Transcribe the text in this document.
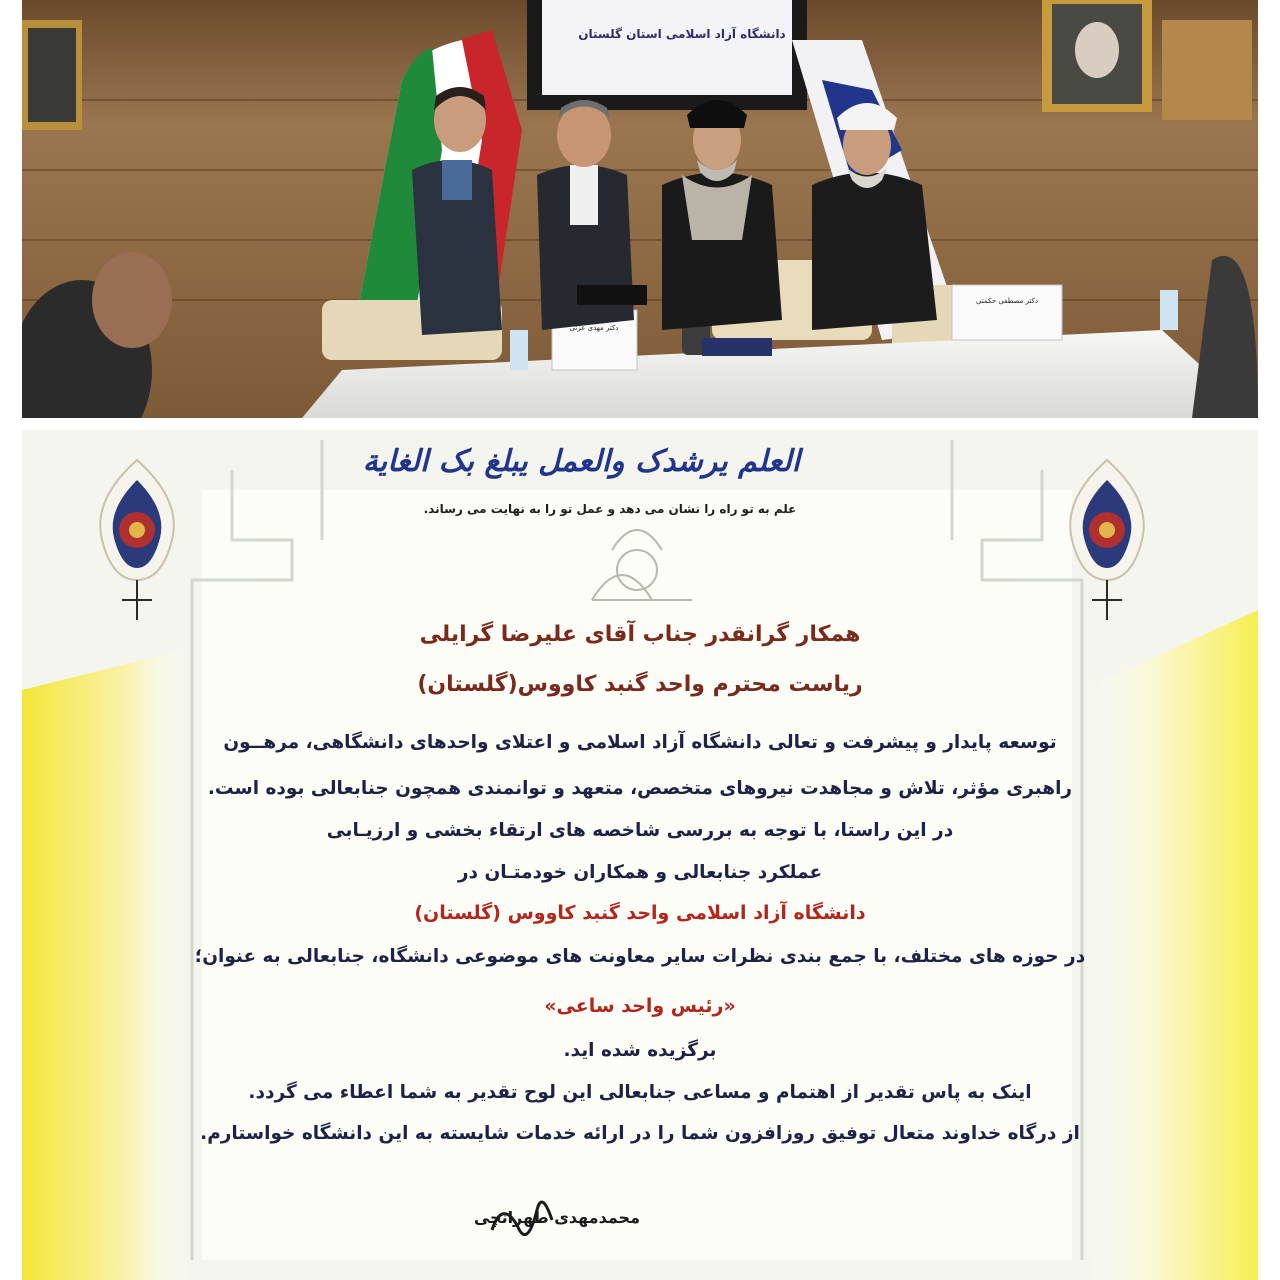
دانشگاه آزاد اسلامی استان گلستان
دکتر مهدی عزتی
دکتر مصطفی حکمتی
العلم یرشدک والعمل یبلغ بک الغایة
علم به تو راه را نشان می دهد و عمل تو را به نهایت می رساند.
همکار گرانقدر جناب آقای علیرضا گرایلی
ریاست محترم واحد گنبد کاووس(گلستان)
توسعه پایدار و پیشرفت و تعالی دانشگاه آزاد اسلامی و اعتلای واحدهای دانشگاهی، مرهــون
راهبری مؤثر، تلاش و مجاهدت نیروهای متخصص، متعهد و توانمندی همچون جنابعالی بوده است.
در این راستا، با توجه به بررسی شاخصه های ارتقاء بخشی و ارزیـابی
عملکرد جنابعالی و همکاران خودمتـان در
دانشگاه آزاد اسلامی واحد گنبد کاووس (گلستان)
در حوزه های مختلف، با جمع بندی نظرات سایر معاونت های موضوعی دانشگاه، جنابعالی به عنوان؛
«رئیس واحد ساعی»
برگزیده شده اید.
اینک به پاس تقدیر از اهتمام و مساعی جنابعالی این لوح تقدیر به شما اعطاء می گردد.
از درگاه خداوند متعال توفیق روزافزون شما را در ارائه خدمات شایسته به این دانشگاه خواستارم.
محمدمهدی طهرانچی
